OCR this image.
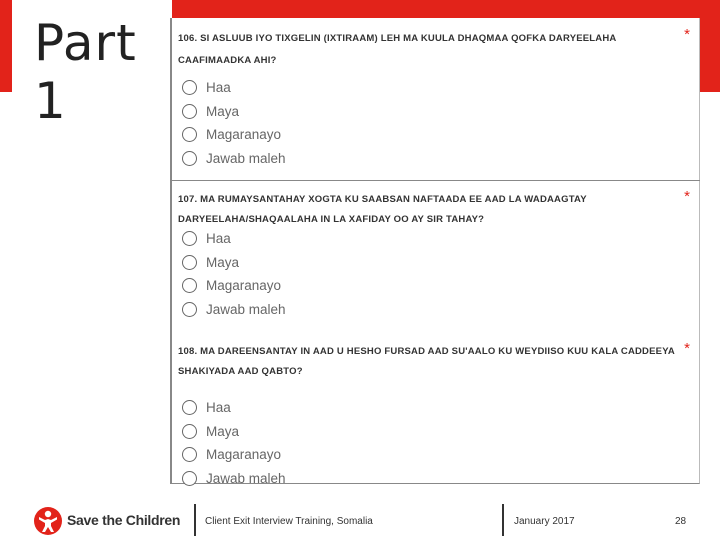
Part 1
106. SI ASLUUB IYO TIXGELIN (IXTIRAAM) LEH MA KUULA DHAQMAA QOFKA DARYEELAHA CAAFIMAADKA AHI?
*
Haa
Maya
Magaranayo
Jawab maleh
107. MA RUMAYSANTAHAY XOGTA KU SAABSAN NAFTAADA EE AAD LA WADAAGTAY DARYEELAHA/SHAQAALAHA IN LA XAFIDAY OO AY SIR TAHAY?
*
Haa
Maya
Magaranayo
Jawab maleh
108. MA DAREENSANTAY IN AAD U HESHO FURSAD AAD SU'AALO KU WEYDIISO KUU KALA CADDEEYA SHAKIYADA AAD QABTO?
*
Haa
Maya
Magaranayo
Jawab maleh
Save the Children Client Exit Interview Training, Somalia	January 2017	28
